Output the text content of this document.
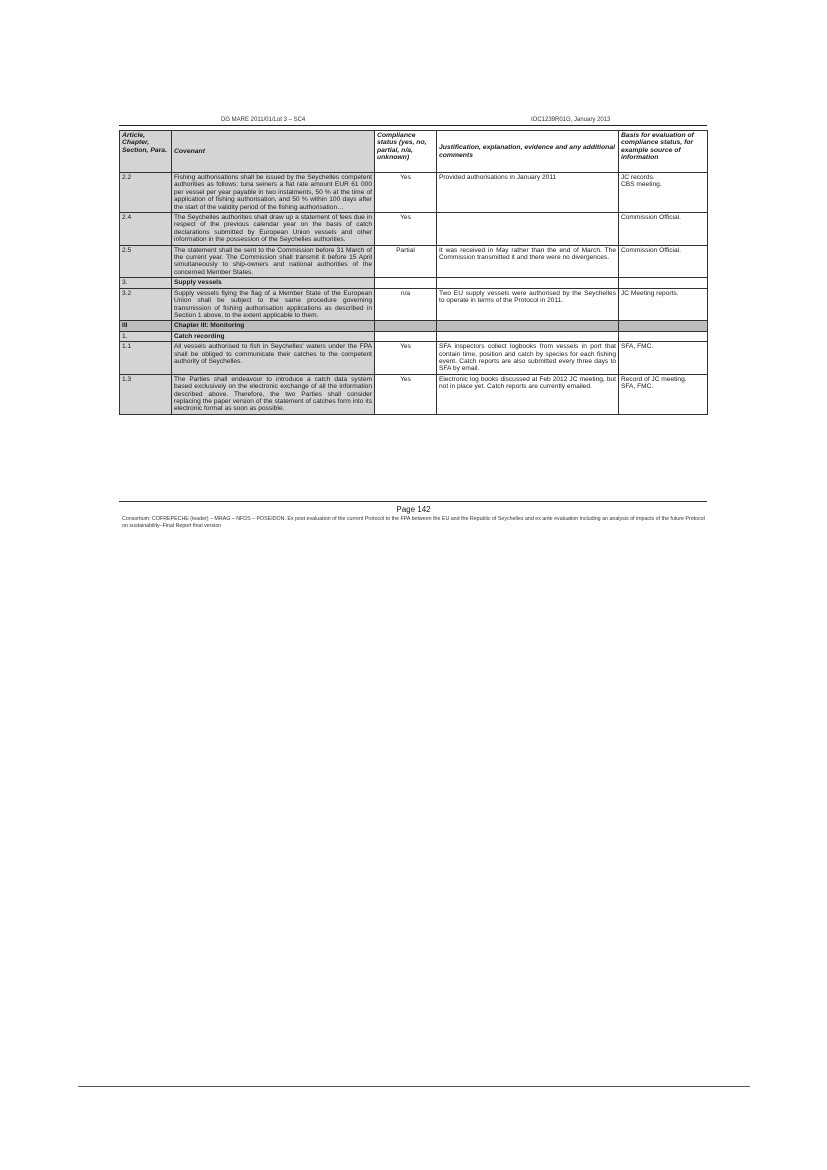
DG MARE 2011/01/Lot 3 – SC4	IOC1239R01G, January 2013
Article, Chapter, Section, Para.	Covenant	Compliance status (yes, no, partial, n/a, unknown)	Justification, explanation, evidence and any additional comments	Basis for evaluation of compliance status, for example source of information
2.2	Fishing authorisations shall be issued by the Seychelles competent authorities as follows: tuna seiners a flat rate amount EUR 61 000 per vessel per year payable in two instalments, 50 % at the time of application of fishing authorisation, and 50 % within 100 days after the start of the validity period of the fishing authorisation…	Yes	Provided authorisations in January 2011	JC records.
CBS meeting.
2.4	The Seychelles authorities shall draw up a statement of fees due in respect of the previous calendar year on the basis of catch declarations submitted by European Union vessels and other information in the possession of the Seychelles authorities.	Yes		Commission Official.
2.5	The statement shall be sent to the Commission before 31 March of the current year. The Commission shall transmit it before 15 April simultaneously to ship-owners and national authorities of the concerned Member States.	Partial	It was received in May rather than the end of March. The Commission transmitted it and there were no divergences.	Commission Official.
3.	Supply vessels			
3.2	Supply vessels flying the flag of a Member State of the European Union shall be subject to the same procedure governing transmission of fishing authorisation applications as described in Section 1 above, to the extent applicable to them.	n/a	Two EU supply vessels were authorised by the Seychelles to operate in terms of the Protocol in 2011.	JC Meeting reports.
III	Chapter III: Monitoring			
1.	Catch recording			
1.1	All vessels authorised to fish in Seychelles' waters under the FPA shall be obliged to communicate their catches to the competent authority of Seychelles.	Yes	SFA inspectors collect logbooks from vessels in port that contain time, position and catch by species for each fishing event. Catch reports are also submitted every three days to SFA by email.	SFA, FMC.
1.3	The Parties shall endeavour to introduce a catch data system based exclusively on the electronic exchange of all the information described above. Therefore, the two Parties shall consider replacing the paper version of the statement of catches form into its electronic format as soon as possible.	Yes	Electronic log books discussed at Feb 2012 JC meeting, but not in place yet. Catch reports are currently emailed.	Record of JC meeting.
SFA, FMC.
Page 142
Consortium: COFREPECHE (leader) – MRAG – NFDS – POSEIDON. Ex post evaluation of the current Protocol to the FPA between the EU and the Republic of Seychelles and ex ante evaluation including an analysis of impacts of the future Protocol on sustainability–Final Report final version
